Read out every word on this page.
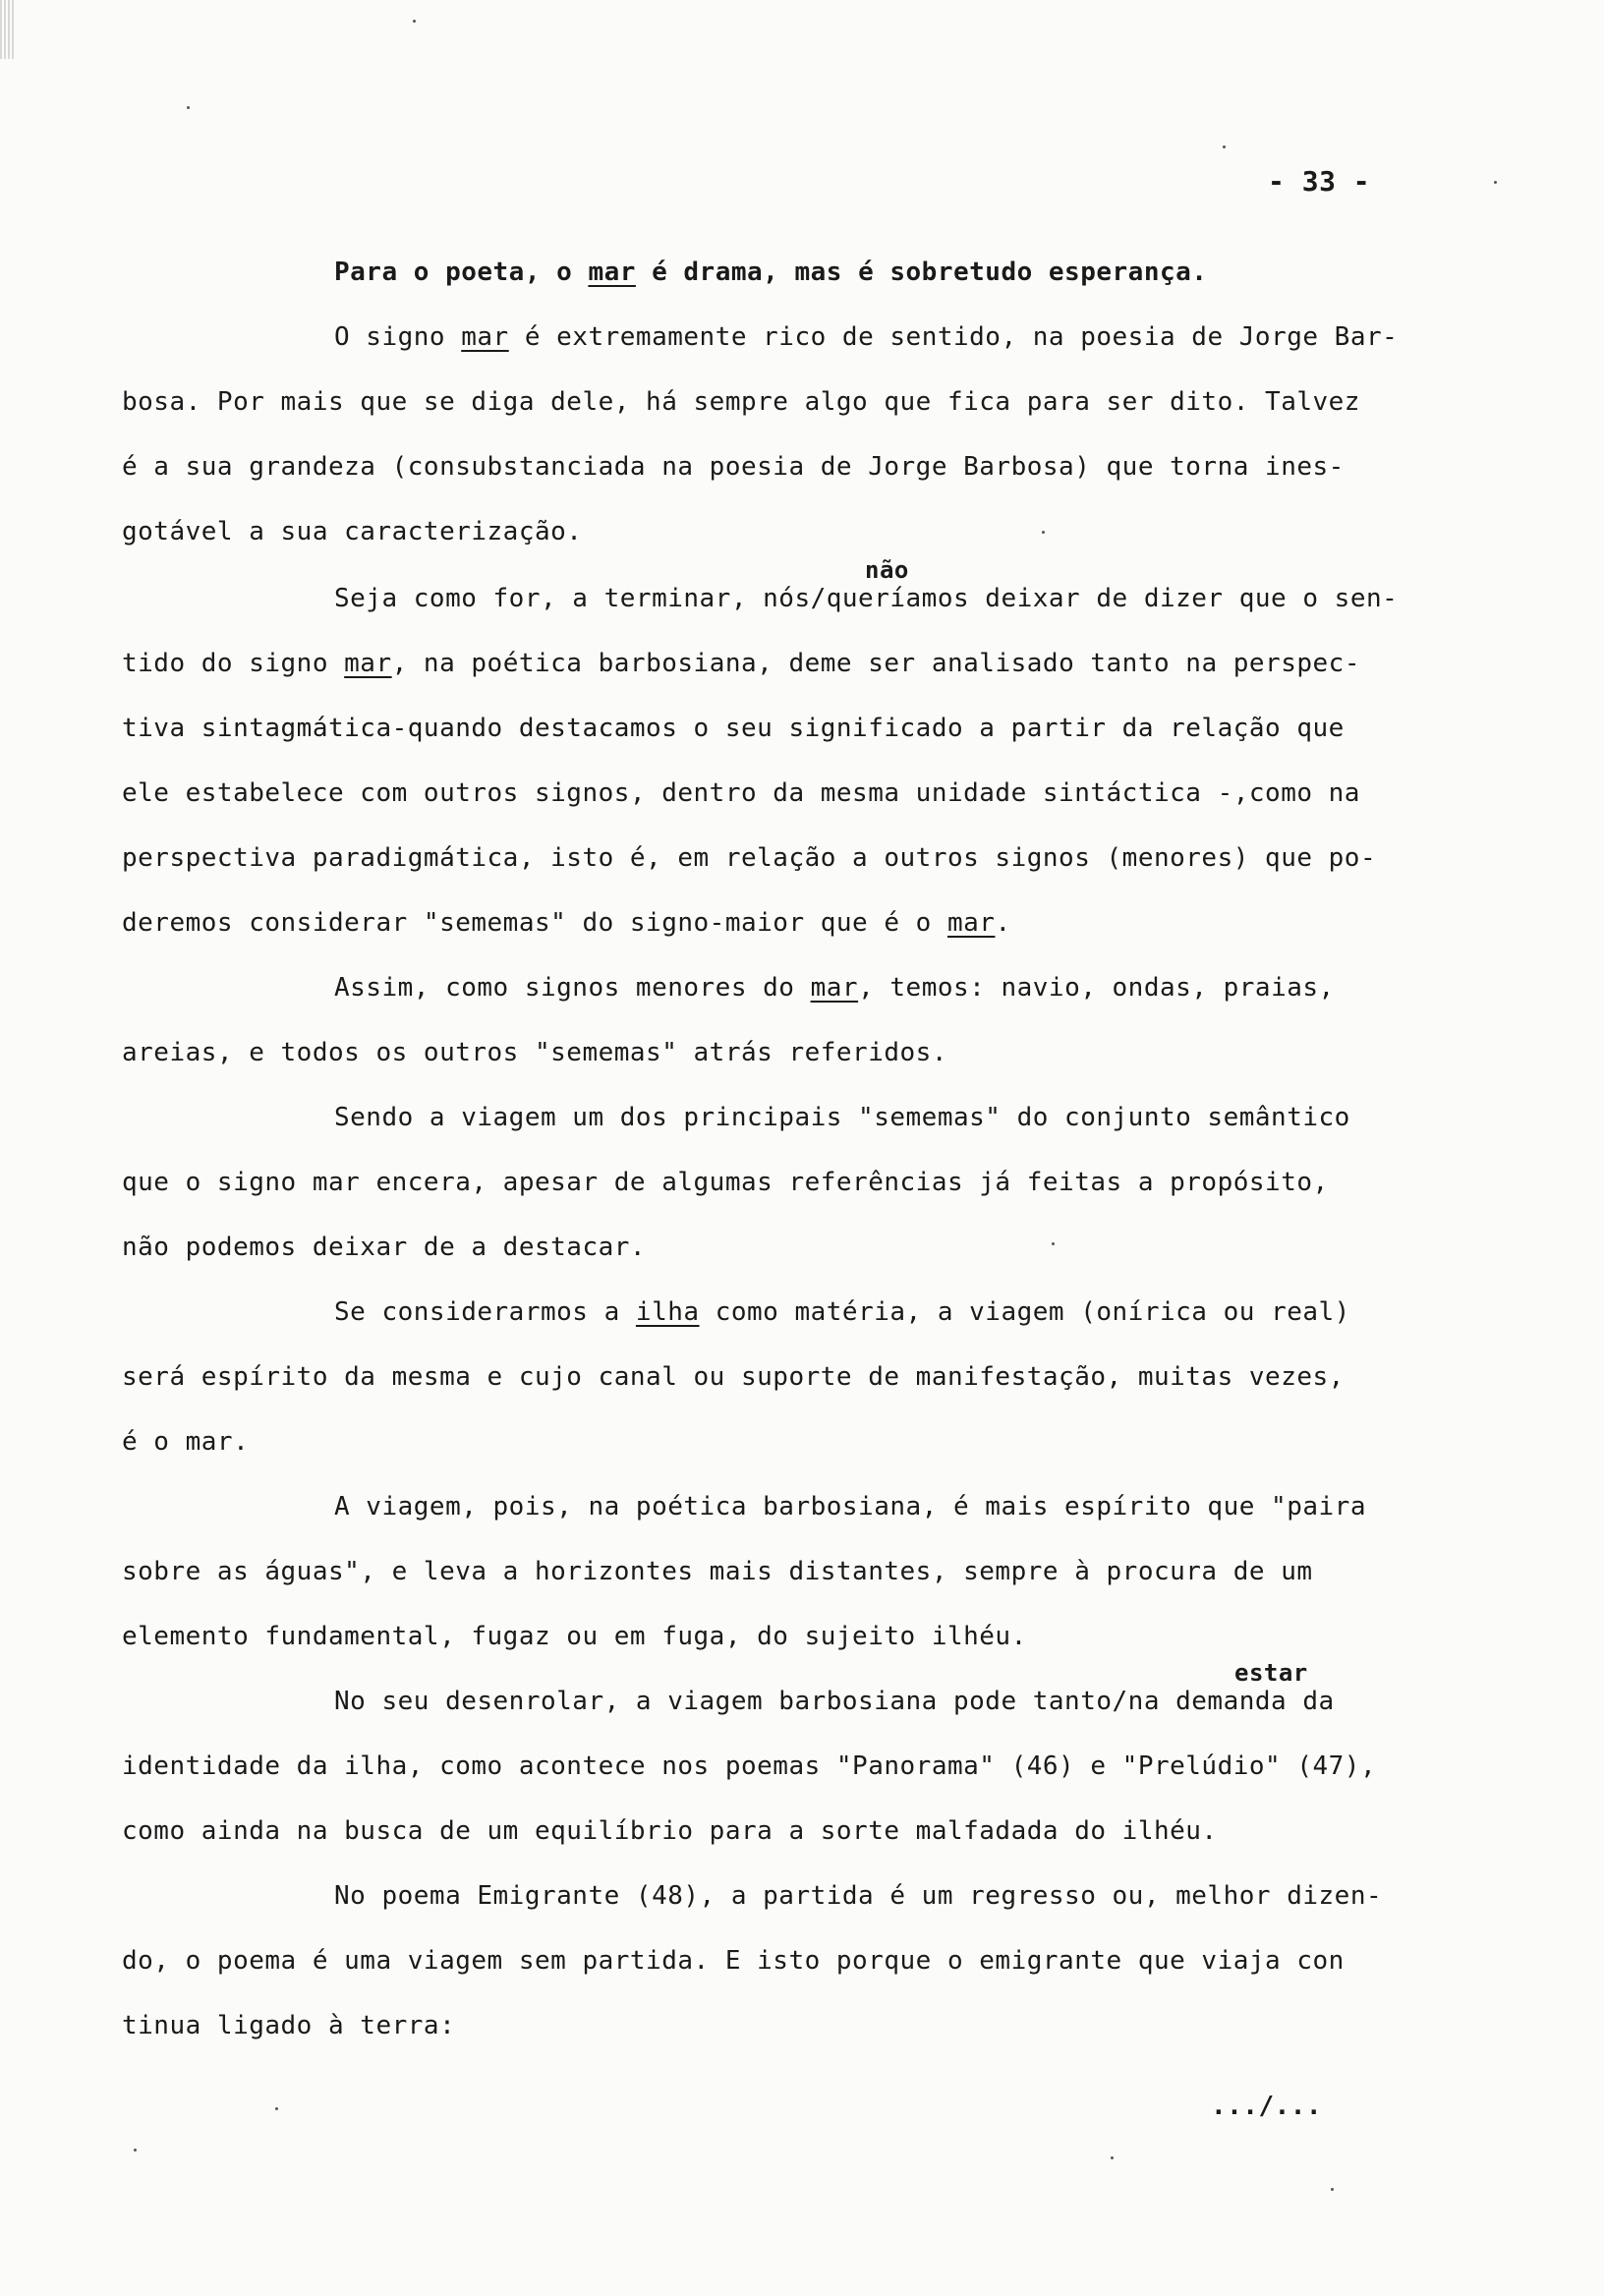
- 33 -
Para o poeta, o mar é drama, mas é sobretudo esperança.
O signo mar é extremamente rico de sentido, na poesia de Jorge Bar-
bosa. Por mais que se diga dele, há sempre algo que fica para ser dito. Talvez
é a sua grandeza (consubstanciada na poesia de Jorge Barbosa) que torna ines-
gotável a sua caracterização.
não
Seja como for, a terminar, nós/queríamos deixar de dizer que o sen-
tido do signo mar, na poética barbosiana, deme ser analisado tanto na perspec-
tiva sintagmática-quando destacamos o seu significado a partir da relação que
ele estabelece com outros signos, dentro da mesma unidade sintáctica -,como na
perspectiva paradigmática, isto é, em relação a outros signos (menores) que po-
deremos considerar "sememas" do signo-maior que é o mar.
Assim, como signos menores do mar, temos: navio, ondas, praias,
areias, e todos os outros "sememas" atrás referidos.
Sendo a viagem um dos principais "sememas" do conjunto semântico
que o signo mar encera, apesar de algumas referências já feitas a propósito,
não podemos deixar de a destacar.
Se considerarmos a ilha como matéria, a viagem (onírica ou real)
será espírito da mesma e cujo canal ou suporte de manifestação, muitas vezes,
é o mar.
A viagem, pois, na poética barbosiana, é mais espírito que "paira
sobre as águas", e leva a horizontes mais distantes, sempre à procura de um
elemento fundamental, fugaz ou em fuga, do sujeito ilhéu.
estar
No seu desenrolar, a viagem barbosiana pode tanto/na demanda da
identidade da ilha, como acontece nos poemas "Panorama" (46) e "Prelúdio" (47),
como ainda na busca de um equilíbrio para a sorte malfadada do ilhéu.
No poema Emigrante (48), a partida é um regresso ou, melhor dizen-
do, o poema é uma viagem sem partida. E isto porque o emigrante que viaja con
tinua ligado à terra:
.../...
